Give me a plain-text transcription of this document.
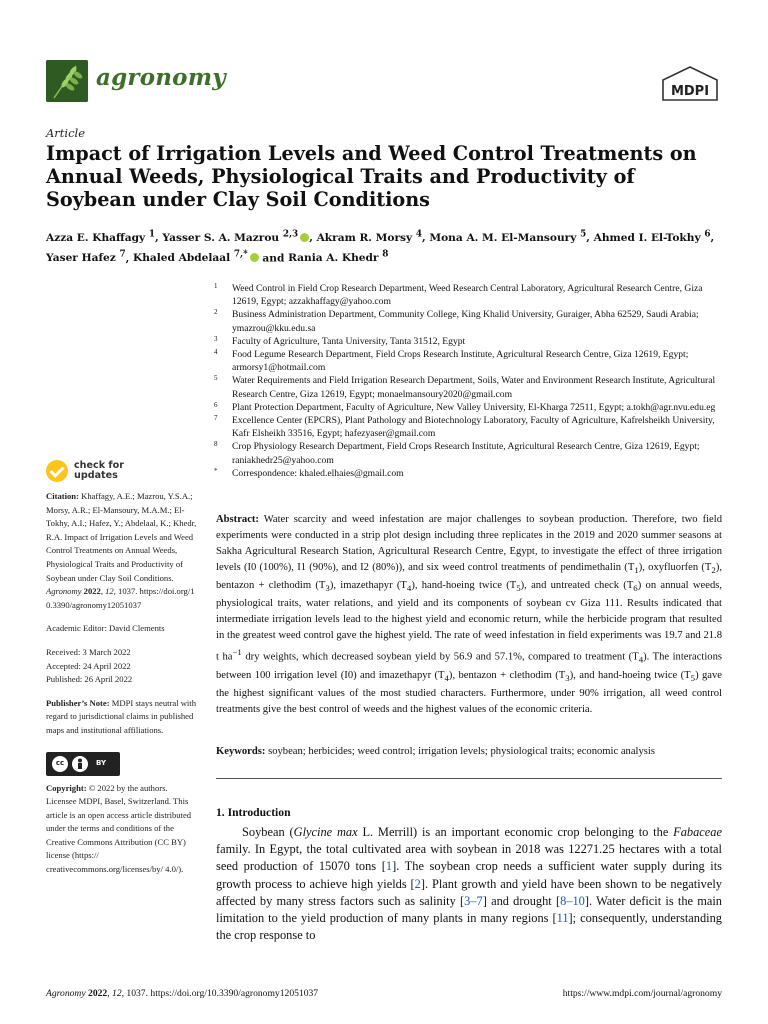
agronomy
MDPI
Article
Impact of Irrigation Levels and Weed Control Treatments on Annual Weeds, Physiological Traits and Productivity of Soybean under Clay Soil Conditions

Azza E. Khaffagy $^1$, Yasser S. A. Mazrou $^{2,3}$ , Akram R. Morsy $^4$, Mona A. M. El-Mansoury $^5$, Ahmed I. El-Tokhy $^6$, Yaser Hafez $^7$, Khaled Abdelaal $^{7,*}$ and Rania A. Khedr $^8$

1 Weed Control in Field Crop Research Department, Weed Research Central Laboratory, Agricultural Research Centre, Giza 12619, Egypt; azzakhaffagy@yahoo.com
2 Business Administration Department, Community College, King Khalid University, Guraiger, Abha 62529, Saudi Arabia; ymazrou@kku.edu.sa
3 Faculty of Agriculture, Tanta University, Tanta 31512, Egypt
4 Food Legume Research Department, Field Crops Research Institute, Agricultural Research Centre, Giza 12619, Egypt; armorsy1@hotmail.com
5 Water Requirements and Field Irrigation Research Department, Soils, Water and Environment Research Institute, Agricultural Research Centre, Giza 12619, Egypt; monaelmansoury2020@gmail.com
6 Plant Protection Department, Faculty of Agriculture, New Valley University, El-Kharga 72511, Egypt; a.tokh@agr.nvu.edu.eg
7 Excellence Center (EPCRS), Plant Pathology and Biotechnology Laboratory, Faculty of Agriculture, Kafrelsheikh University, Kafr Elsheikh 33516, Egypt; hafezyaser@gmail.com
8 Crop Physiology Research Department, Field Crops Research Institute, Agricultural Research Centre, Giza 12619, Egypt; raniakhedr25@yahoo.com
* Correspondence: khaled.elhaies@gmail.com
check for
updates
Citation: Khaffagy, A.E.; Mazrou, Y.S.A.; Morsy, A.R.; El-Mansoury, M.A.M.; El-Tokhy, A.I.; Hafez, Y.; Abdelaal, K.; Khedr, R.A. Impact of Irrigation Levels and Weed Control Treatments on Annual Weeds, Physiological Traits and Productivity of Soybean under Clay Soil Conditions. Agronomy 2022, 12, 1037. https://doi.org/10.3390/agronomy12051037
Academic Editor: David Clements
Received: 3 March 2022
Accepted: 24 April 2022
Published: 26 April 2022
Publisher’s Note: MDPI stays neutral with regard to jurisdictional claims in published maps and institutional affiliations.
cc	BY
Copyright: © 2022 by the authors. Licensee MDPI, Basel, Switzerland. This article is an open access article distributed under the terms and conditions of the Creative Commons Attribution (CC BY) license (https:// creativecommons.org/licenses/by/ 4.0/).

Abstract: Water scarcity and weed infestation are major challenges to soybean production. Therefore, two field experiments were conducted in a strip plot design including three replicates in the 2019 and 2020 summer seasons at Sakha Agricultural Research Station, Agricultural Research Centre, Egypt, to investigate the effect of three irrigation levels (I0 (100%), I1 (90%), and I2 (80%)), and six weed control treatments of pendimethalin $(T_1)$, oxyfluorfen $(T_2)$, bentazon + clethodim $(T_3)$, imazethapyr $(T_4)$, hand-hoeing twice $(T_5)$, and untreated check $(T_6)$ on annual weeds, physiological traits, water relations, and yield and its components of soybean cv Giza 111. Results indicated that intermediate irrigation levels lead to the highest yield and economic return, while the herbicide program that resulted in the greatest weed control gave the highest yield. The rate of weed infestation in field experiments was 19.7 and 21.8 t $ha^{-1}$ dry weights, which decreased soybean yield by 56.9 and 57.1%, compared to treatment $(T_4)$. The interactions between 100 irrigation level (I0) and imazethapyr $(T_4)$, bentazon + clethodim $(T_3)$, and hand-hoeing twice $(T_5)$ gave the highest significant values of the most studied characters. Furthermore, under 90% irrigation, all weed control treatments give the best control of weeds and the highest values of the economic criteria.

Keywords: soybean; herbicides; weed control; irrigation levels; physiological traits; economic analysis

1. Introduction

Soybean (Glycine max L. Merrill) is an important economic crop belonging to the Fabaceae family. In Egypt, the total cultivated area with soybean in 2018 was 12271.25 hectares with a total seed production of 15070 tons [1]. The soybean crop needs a sufficient water supply during its growth process to achieve high yields [2]. Plant growth and yield have been shown to be negatively affected by many stress factors such as salinity [3–7] and drought [8–10]. Water deficit is the main limitation to the yield production of many plants in many regions [11]; consequently, understanding the crop response to

Agronomy 2022, 12, 1037. https://doi.org/10.3390/agronomy12051037	https://www.mdpi.com/journal/agronomy
